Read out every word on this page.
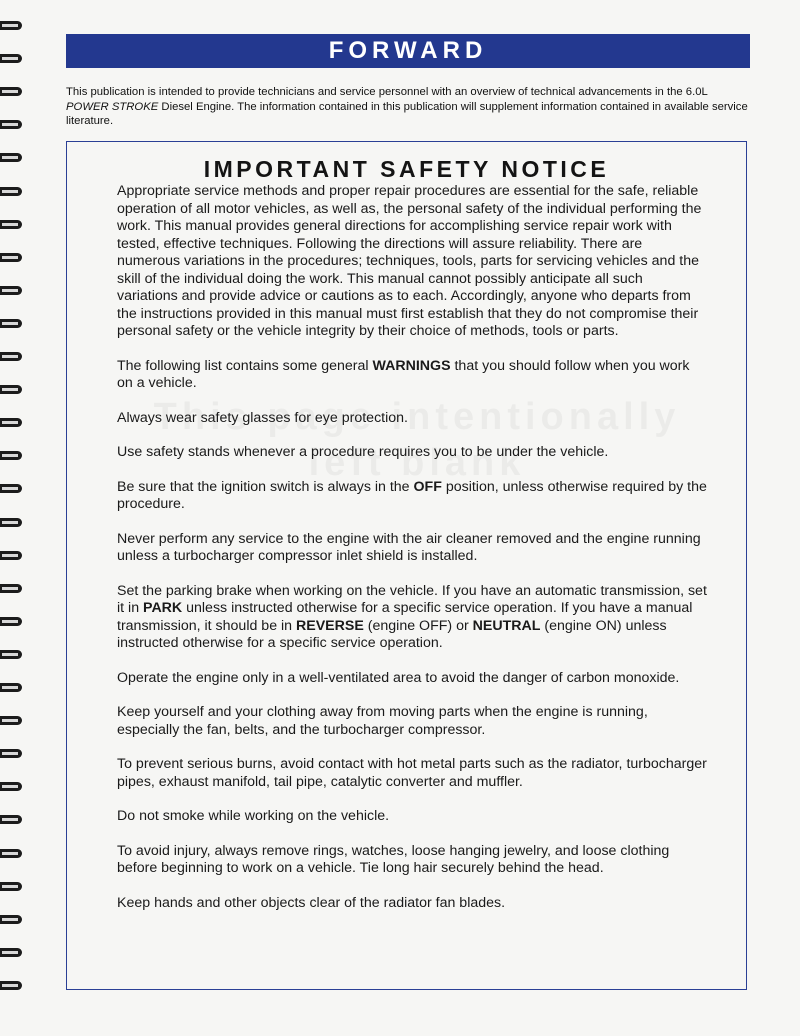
FORWARD
This publication is intended to provide technicians and service personnel with an overview of technical advancements in the 6.0L POWER STROKE Diesel Engine. The information contained in this publication will supplement information contained in available service literature.

IMPORTANT SAFETY NOTICE

Appropriate service methods and proper repair procedures are essential for the safe, reliable operation of all motor vehicles, as well as, the personal safety of the individual performing the work. This manual provides general directions for accomplishing service repair work with tested, effective techniques. Following the directions will assure reliability. There are numerous variations in the procedures; techniques, tools, parts for servicing vehicles and the skill of the individual doing the work. This manual cannot possibly anticipate all such variations and provide advice or cautions as to each. Accordingly, anyone who departs from the instructions provided in this manual must first establish that they do not compromise their personal safety or the vehicle integrity by their choice of methods, tools or parts.

The following list contains some general WARNINGS that you should follow when you work on a vehicle.

Always wear safety glasses for eye protection.

Use safety stands whenever a procedure requires you to be under the vehicle.

Be sure that the ignition switch is always in the OFF position, unless otherwise required by the procedure.

Never perform any service to the engine with the air cleaner removed and the engine running unless a turbocharger compressor inlet shield is installed.

Set the parking brake when working on the vehicle. If you have an automatic transmission, set it in PARK unless instructed otherwise for a specific service operation. If you have a manual transmission, it should be in REVERSE (engine OFF) or NEUTRAL (engine ON) unless instructed otherwise for a specific service operation.

Operate the engine only in a well-ventilated area to avoid the danger of carbon monoxide.

Keep yourself and your clothing away from moving parts when the engine is running, especially the fan, belts, and the turbocharger compressor.

To prevent serious burns, avoid contact with hot metal parts such as the radiator, turbocharger pipes, exhaust manifold, tail pipe, catalytic converter and muffler.

Do not smoke while working on the vehicle.

To avoid injury, always remove rings, watches, loose hanging jewelry, and loose clothing before beginning to work on a vehicle. Tie long hair securely behind the head.

Keep hands and other objects clear of the radiator fan blades.
